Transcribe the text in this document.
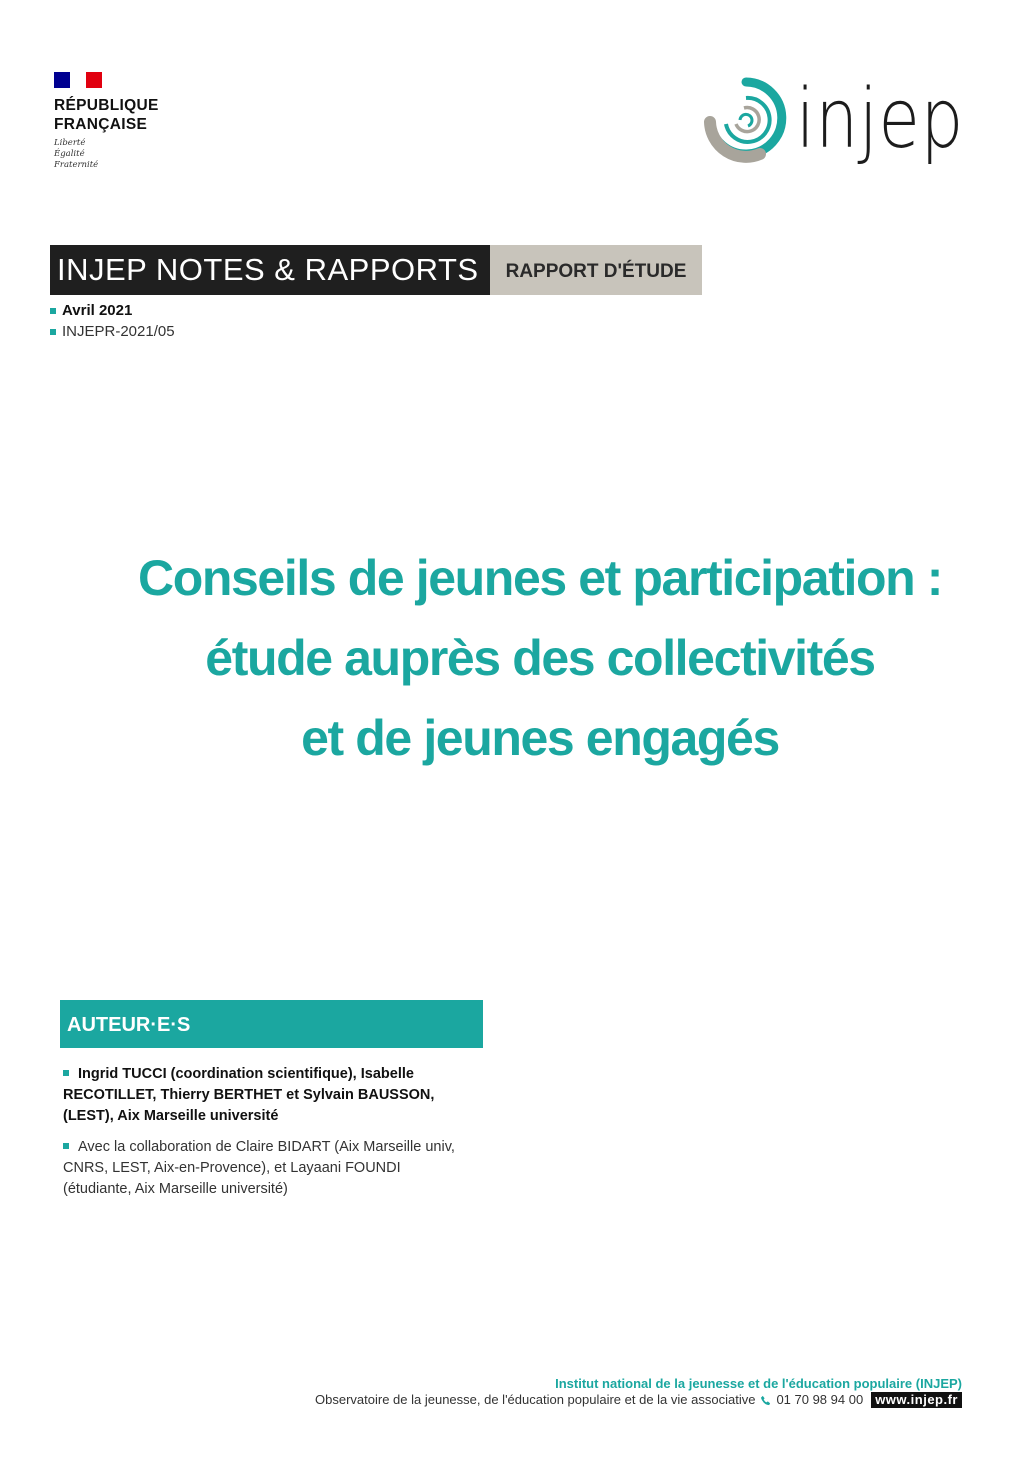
RÉPUBLIQUE
FRANÇAISE
Liberté
Égalité
Fraternité	injep
INJEP NOTES & RAPPORTS	RAPPORT D'ÉTUDE
Avril 2021
INJEPR-2021/05
Conseils de jeunes et participation :
étude auprès des collectivités
et de jeunes engagés
AUTEUR·E·S
Ingrid TUCCI (coordination scientifique), Isabelle RECOTILLET, Thierry BERTHET et Sylvain BAUSSON, (LEST), Aix Marseille université
Avec la collaboration de Claire BIDART (Aix Marseille univ, CNRS, LEST, Aix-en-Provence), et Layaani FOUNDI (étudiante, Aix Marseille université)
Institut national de la jeunesse et de l'éducation populaire (INJEP)
Observatoire de la jeunesse, de l'éducation populaire et de la vie associative 01 70 98 94 00 www.injep.fr
